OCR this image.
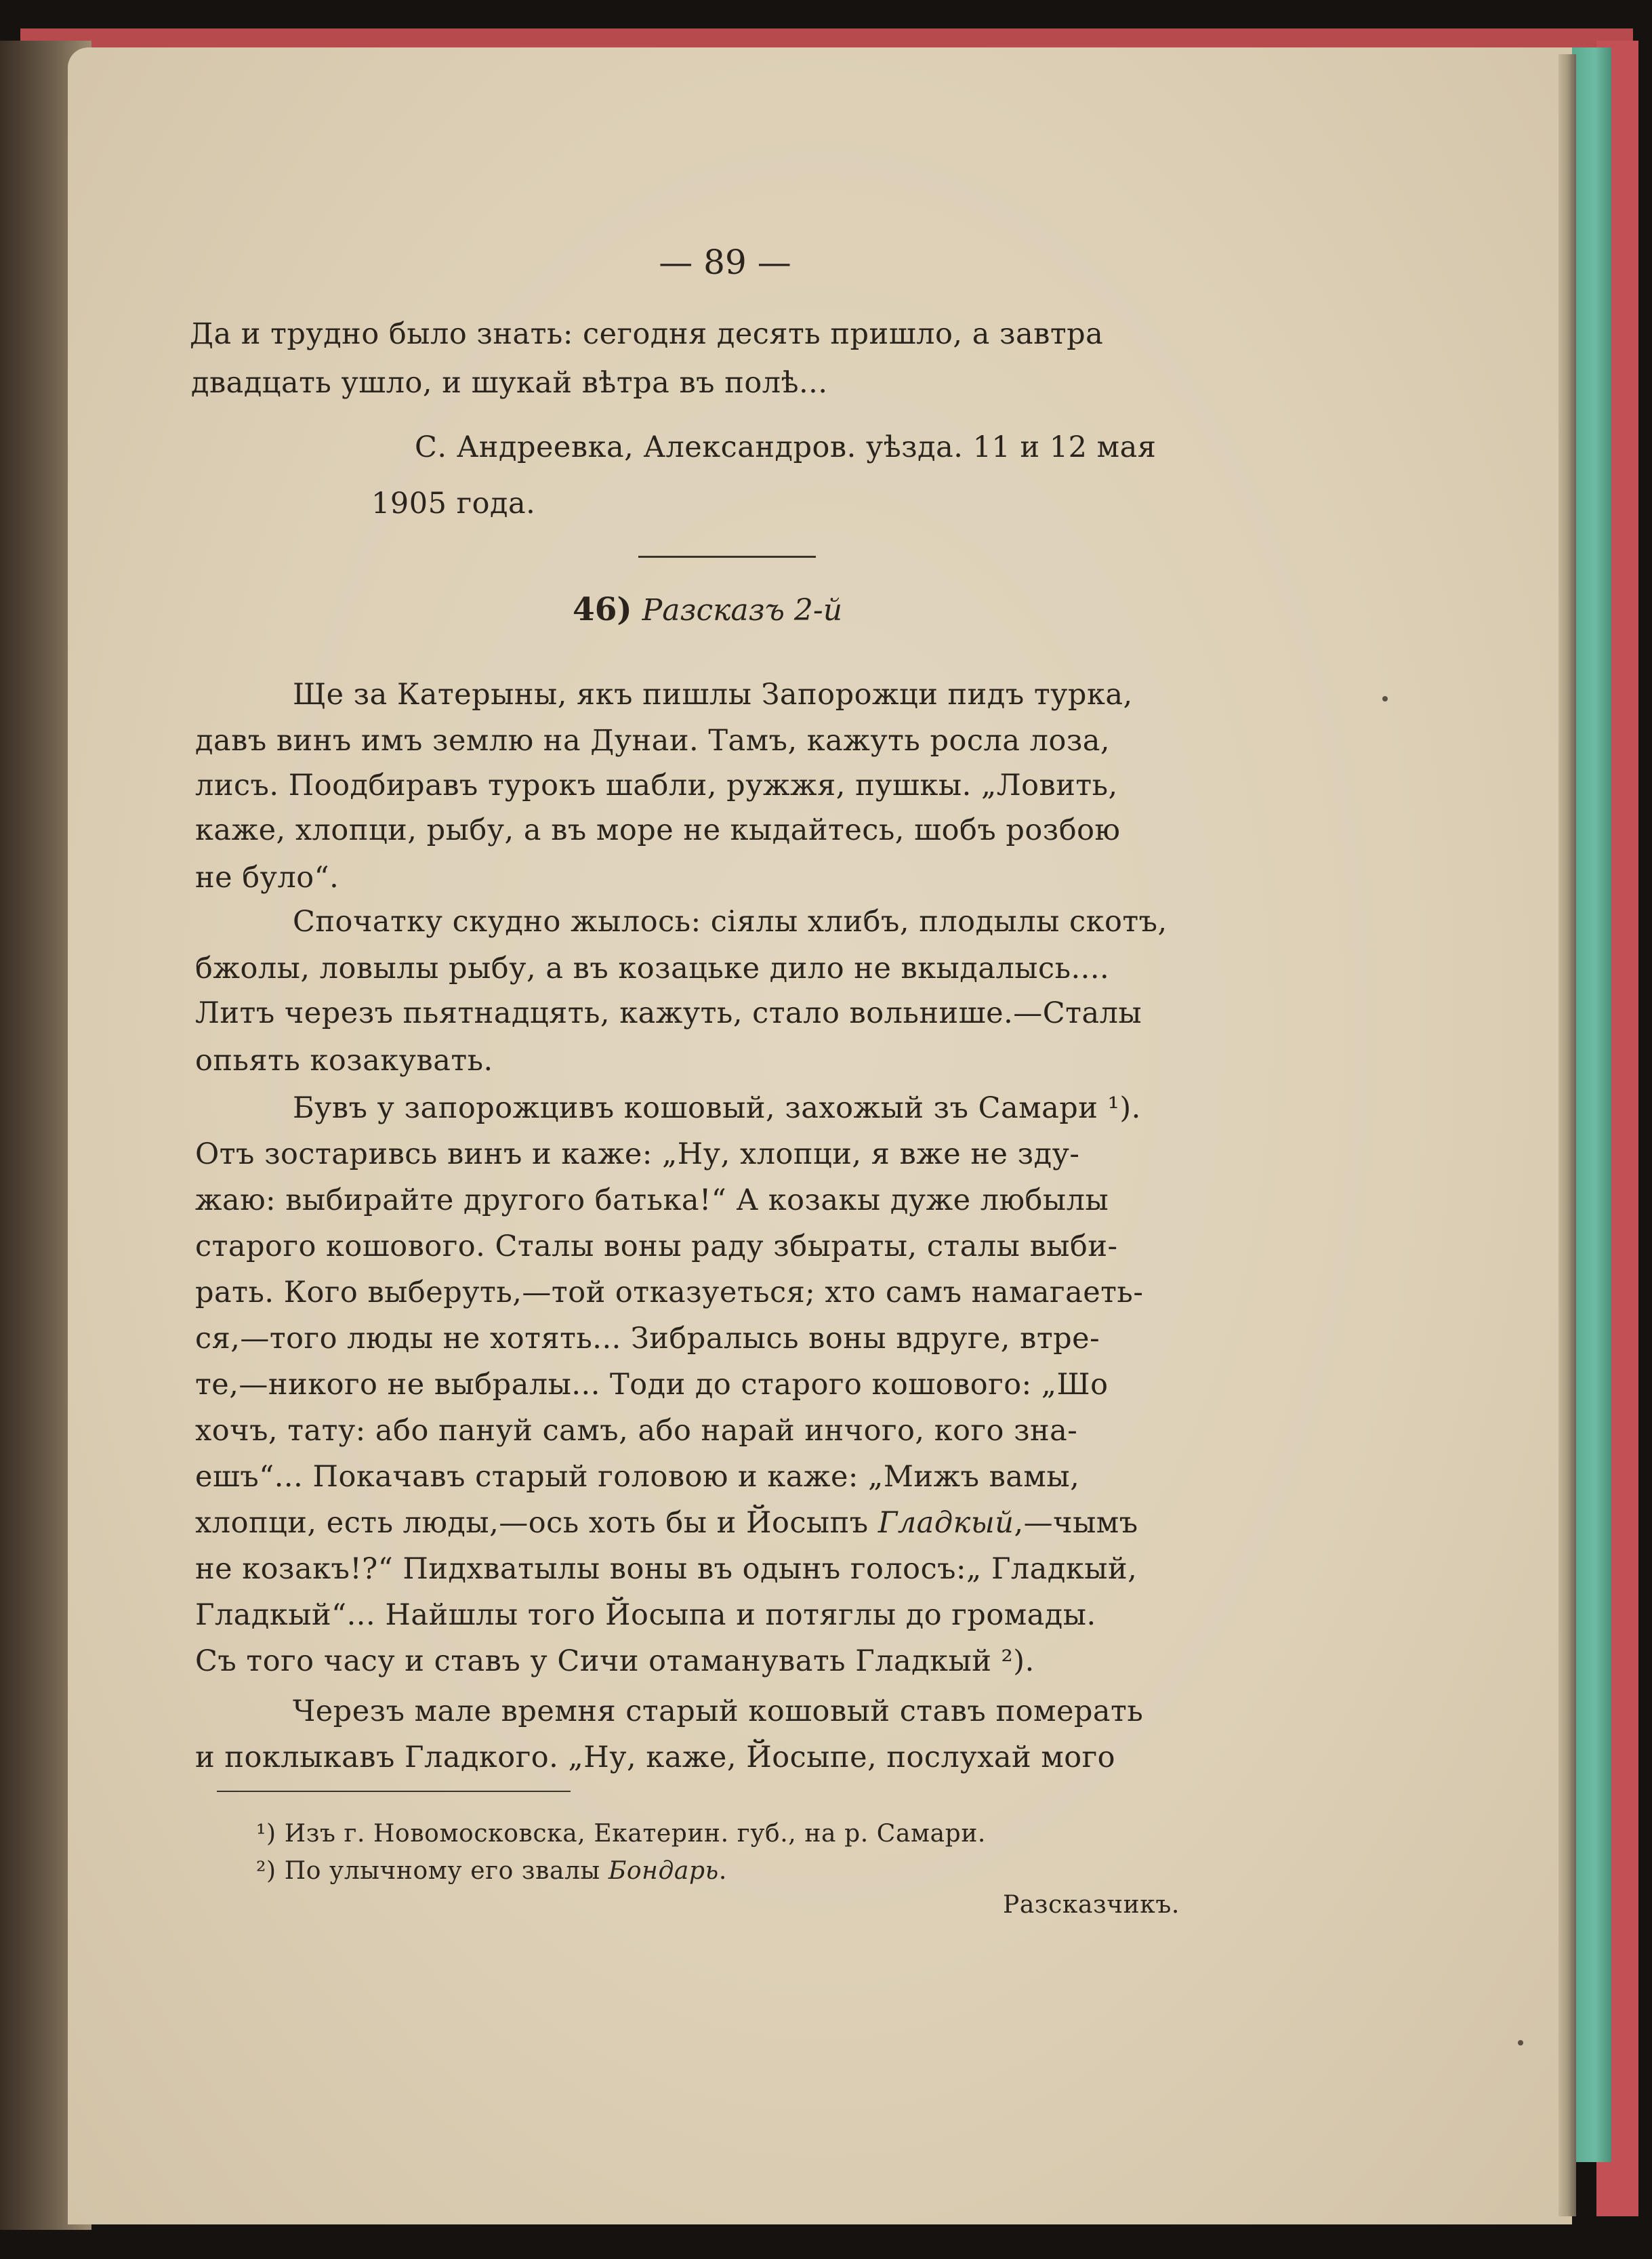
— 89 —
Да и трудно было знать: сегодня десять пришло, а завтра
двадцать ушло, и шукай вѣтра въ полѣ...
С. Андреевка, Александров. уѣзда. 11 и 12 мая
1905 года.
46) Разсказъ 2-й
Ще за Катерыны, якъ пишлы Запорожци пидъ турка,
давъ винъ имъ землю на Дунаи. Тамъ, кажуть росла лоза,
лисъ. Поодбиравъ турокъ шабли, ружжя, пушкы. „Ловить,
каже, хлопци, рыбу, а въ море не кыдайтесь, шобъ розбою
не було“.
Спочатку скудно жылось: сіялы хлибъ, плодылы скотъ,
бжолы, ловылы рыбу, а въ козацьке дило не вкыдалысь....
Литъ черезъ пьятнадцять, кажуть, стало вольнише.—Сталы
опьять козакувать.
Бувъ у запорожцивъ кошовый, захожый зъ Самари ¹).
Отъ зостаривсь винъ и каже: „Ну, хлопци, я вже не зду-
жаю: выбирайте другого батька!“ А козакы дуже любылы
старого кошового. Сталы воны раду збыраты, сталы выби-
рать. Кого выберуть,—той отказуеться; хто самъ намагаеть-
ся,—того люды не хотять... Зибралысь воны вдруге, втре-
те,—никого не выбралы... Тоди до старого кошового: „Шо
хочъ, тату: або пануй самъ, або нарай инчого, кого зна-
ешъ“... Покачавъ старый головою и каже: „Мижъ вамы,
хлопци, есть люды,—ось хоть бы и Йосыпъ Гладкый,—чымъ
не козакъ!?“ Пидхватылы воны въ одынъ голосъ:„ Гладкый,
Гладкый“... Найшлы того Йосыпа и потяглы до громады.
Съ того часу и ставъ у Сичи отаманувать Гладкый ²).
Черезъ мале времня старый кошовый ставъ померать
и поклыкавъ Гладкого. „Ну, каже, Йосыпе, послухай мого
¹) Изъ г. Новомосковска, Екатерин. губ., на р. Самари.
²) По улычному его звалы Бондарь.
Разсказчикъ.
